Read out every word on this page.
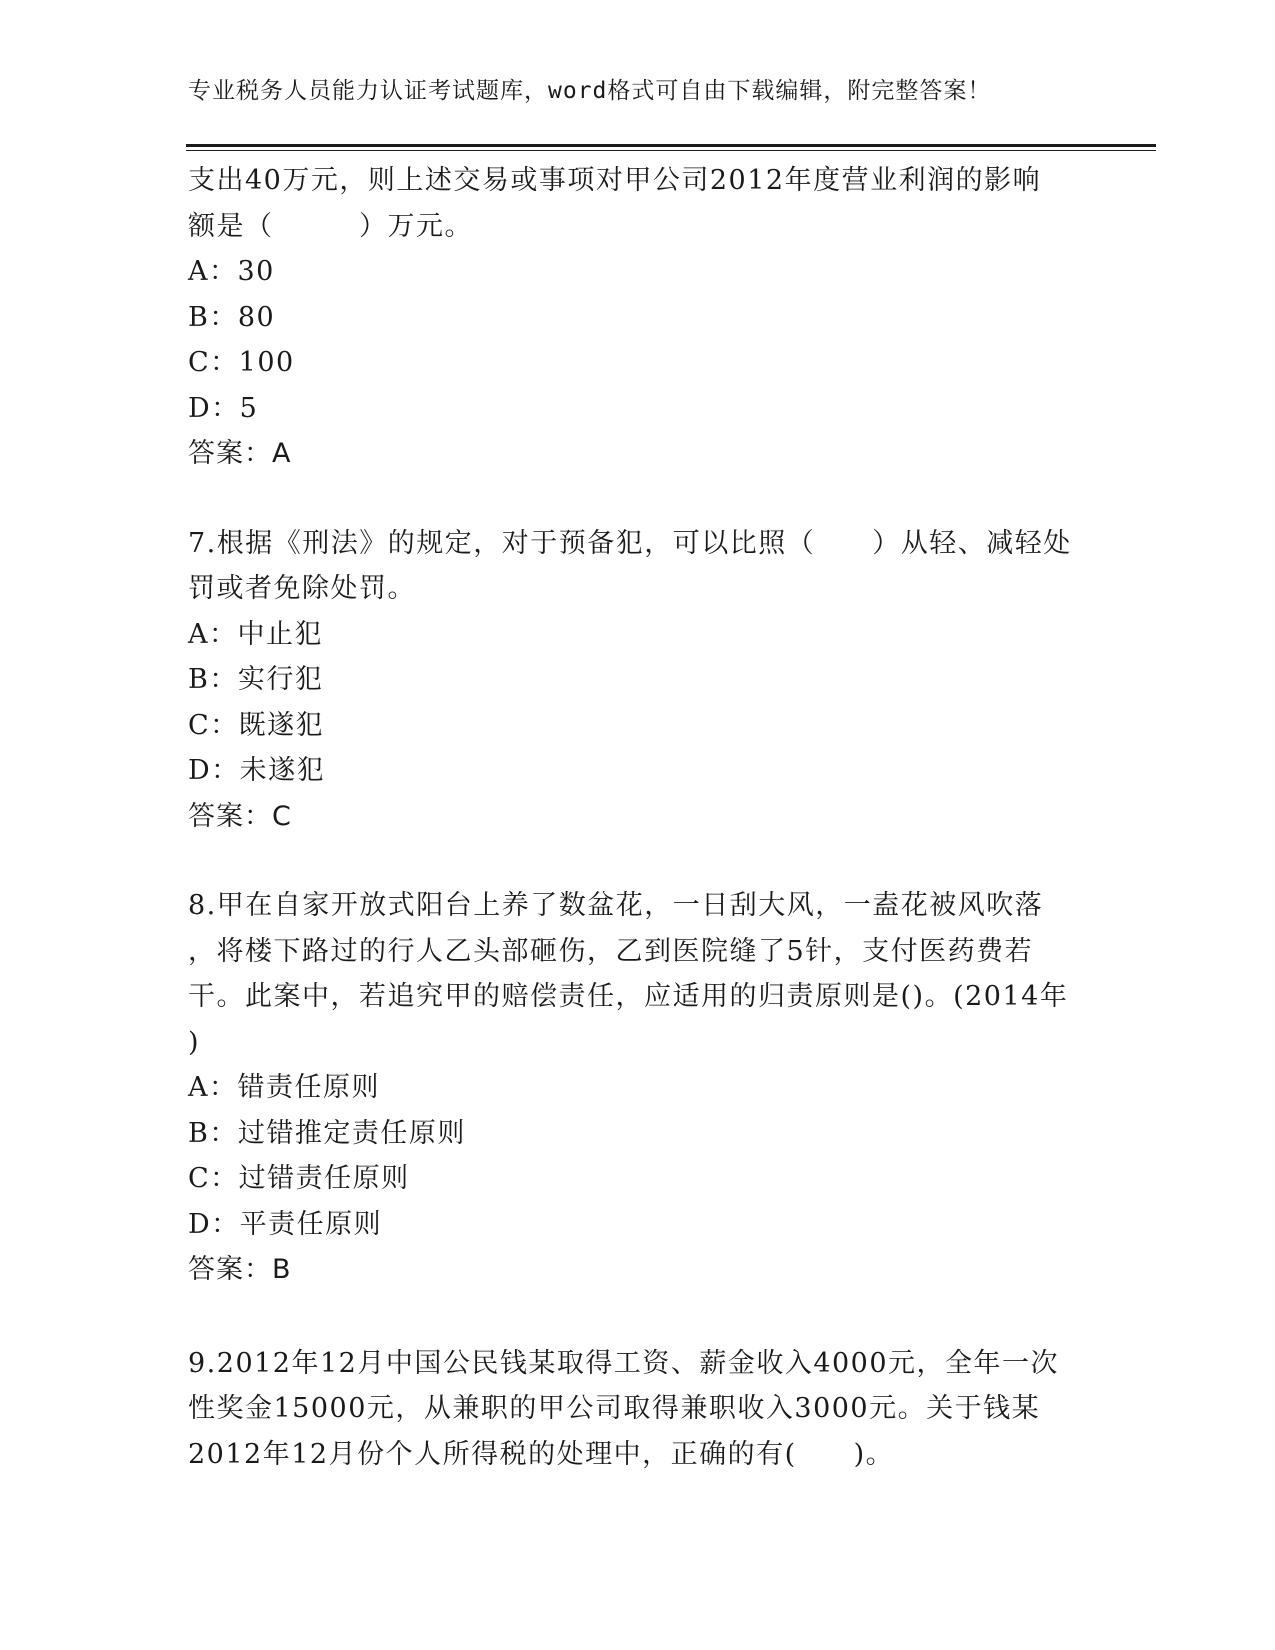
专业税务人员能力认证考试题库，word格式可自由下载编辑，附完整答案！
支出40万元，则上述交易或事项对甲公司2012年度营业利润的影响
额是（　　　）万元。
A：30
B：80
C：100
D：5
答案：A
7.根据《刑法》的规定，对于预备犯，可以比照（　　）从轻、减轻处
罚或者免除处罚。
A：中止犯
B：实行犯
C：既遂犯
D：未遂犯
答案：C
8.甲在自家开放式阳台上养了数盆花，一日刮大风，一盍花被风吹落
，将楼下路过的行人乙头部砸伤，乙到医院缝了5针，支付医药费若
干。此案中，若追究甲的赔偿责任，应适用的归责原则是()。(2014年
)
A：错责任原则
B：过错推定责任原则
C：过错责任原则
D：平责任原则
答案：B
9.2012年12月中国公民钱某取得工资、薪金收入4000元，全年一次
性奖金15000元，从兼职的甲公司取得兼职收入3000元。关于钱某
2012年12月份个人所得税的处理中，正确的有(　　)。
